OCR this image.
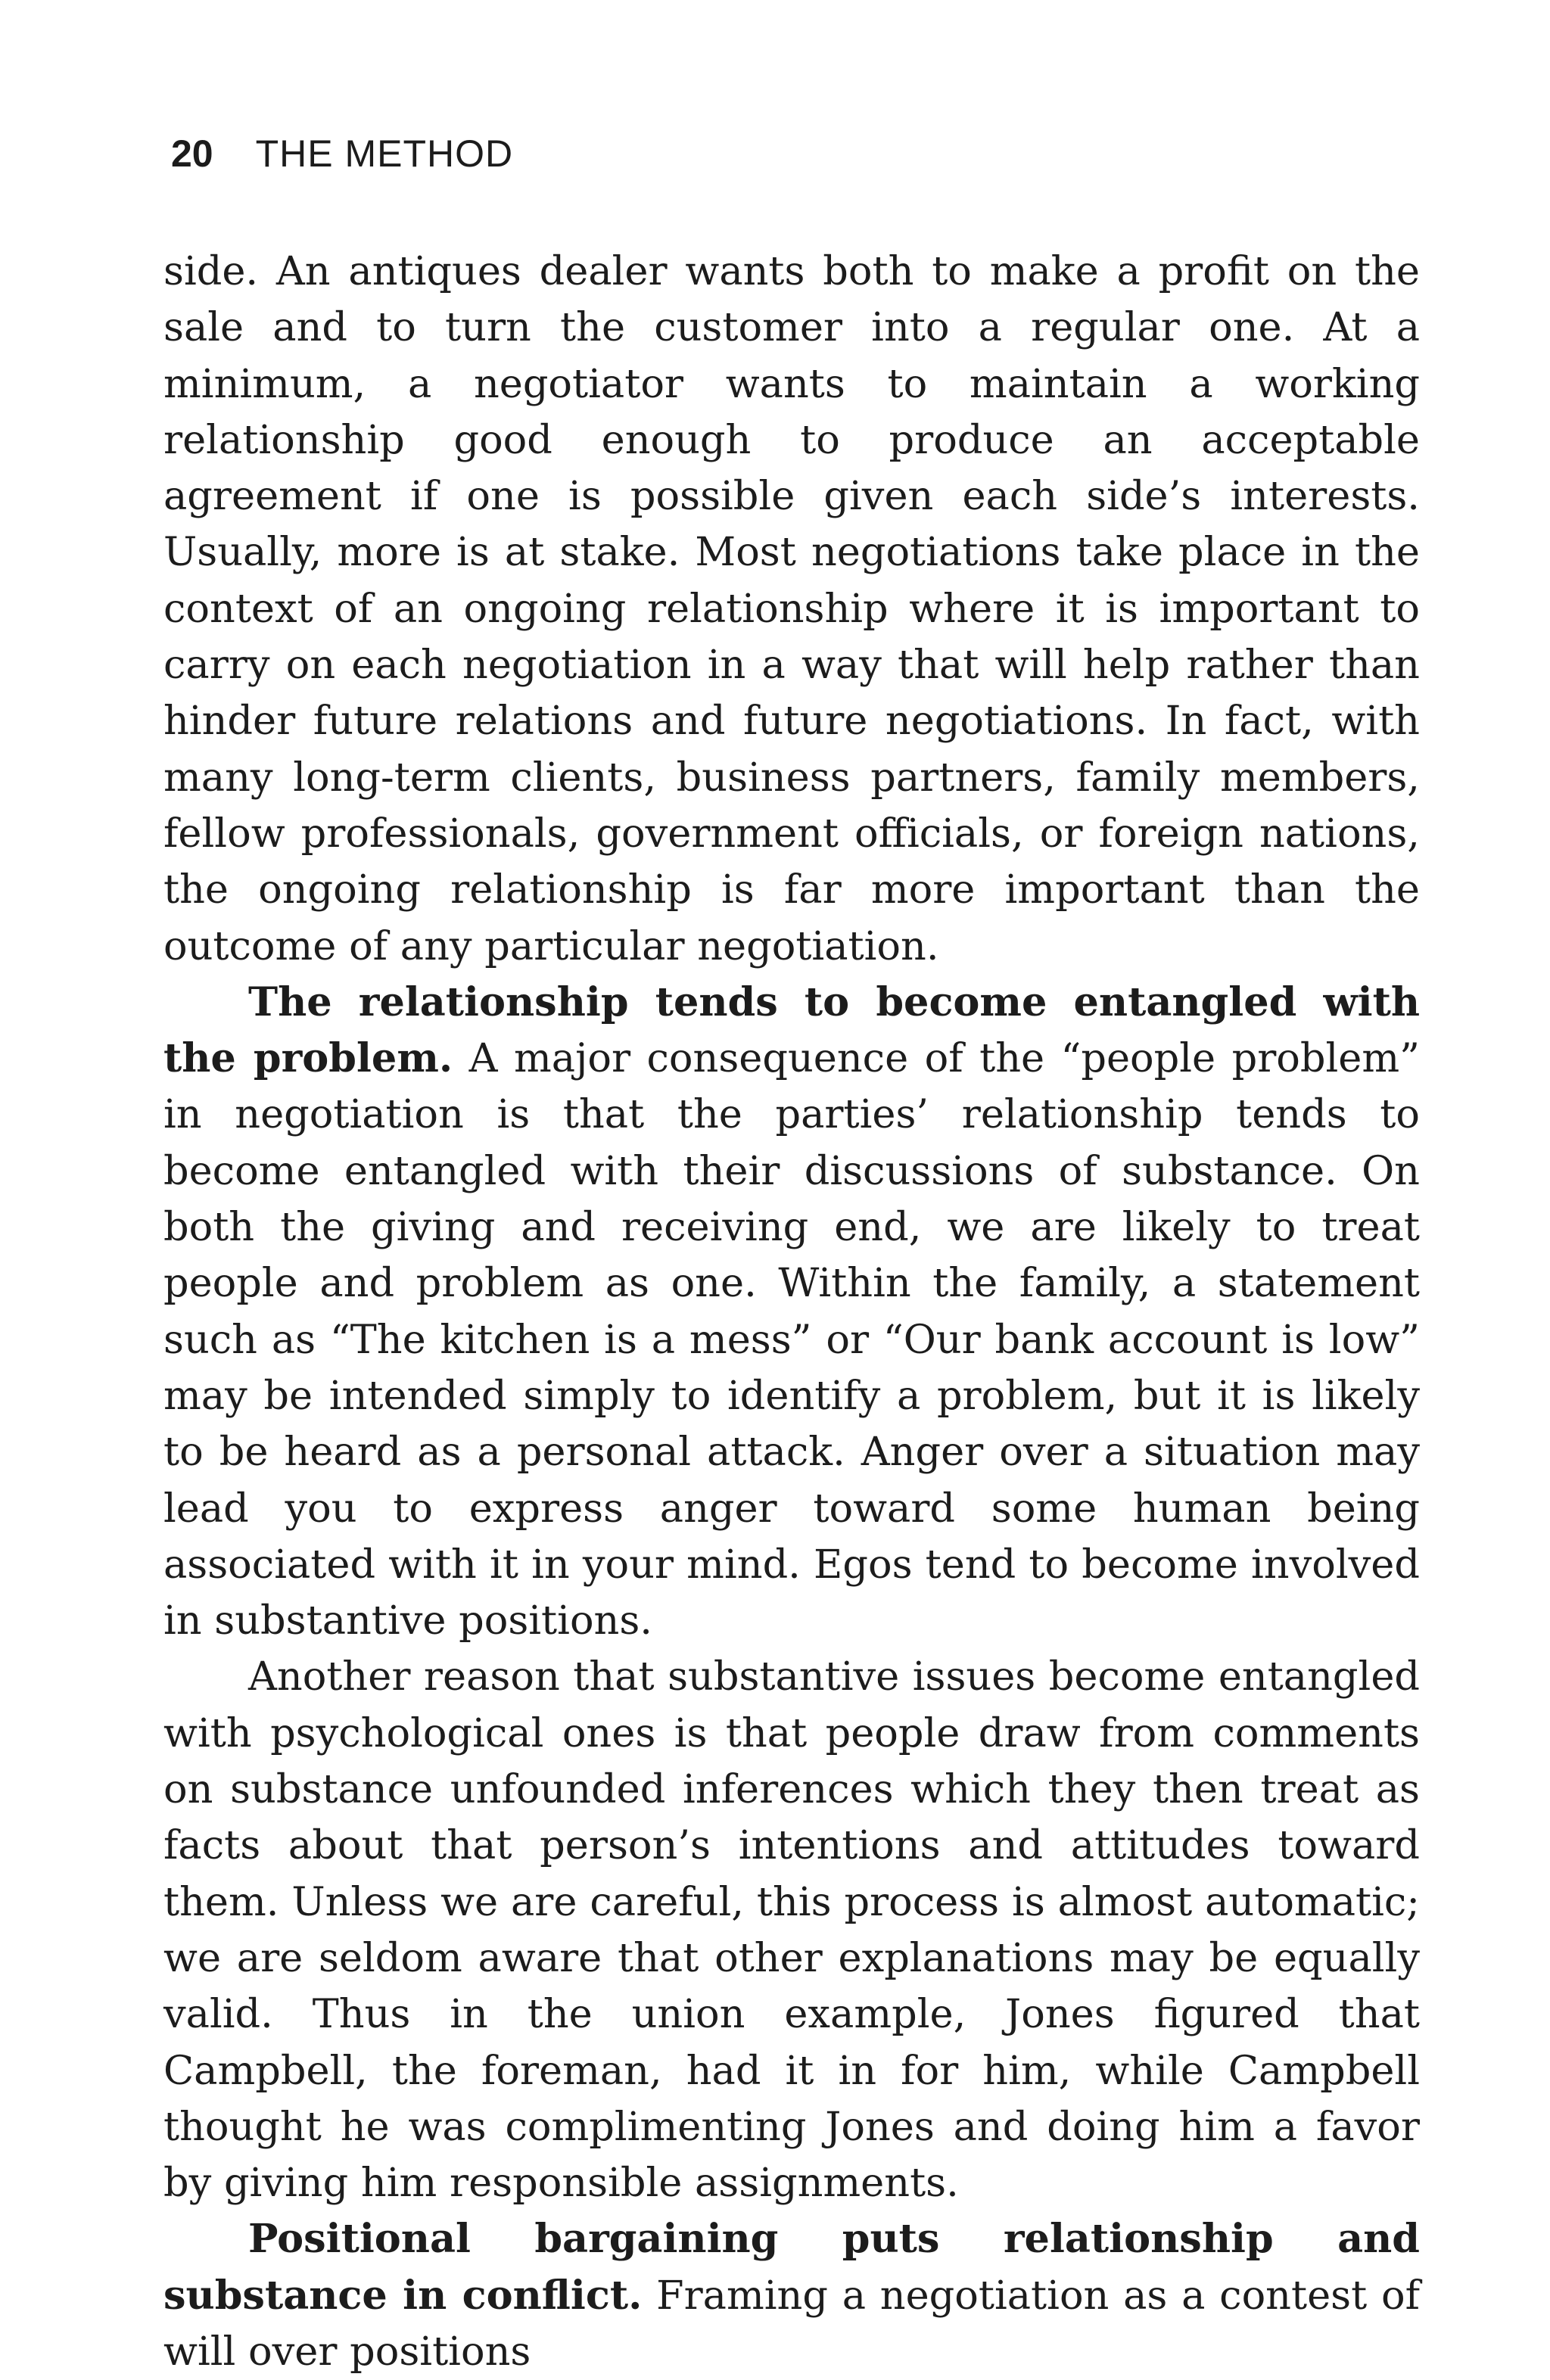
20 THE METHOD

side. An antiques dealer wants both to make a profit on the sale and to turn the customer into a regular one. At a minimum, a negotiator wants to maintain a working relationship good enough to produce an acceptable agreement if one is possible given each side’s interests. Usually, more is at stake. Most negotiations take place in the context of an ongoing relationship where it is important to carry on each negotiation in a way that will help rather than hinder future relations and future negotiations. In fact, with many long-term clients, business partners, family members, fellow professionals, government officials, or foreign nations, the ongoing relationship is far more important than the outcome of any particular negotiation.

The relationship tends to become entangled with the problem. A major consequence of the “people problem” in negotiation is that the parties’ relationship tends to become entangled with their discussions of substance. On both the giving and receiving end, we are likely to treat people and problem as one. Within the family, a statement such as “The kitchen is a mess” or “Our bank account is low” may be intended simply to identify a problem, but it is likely to be heard as a personal attack. Anger over a situation may lead you to express anger toward some human being associated with it in your mind. Egos tend to become involved in substantive positions.

Another reason that substantive issues become entangled with psychological ones is that people draw from comments on substance unfounded inferences which they then treat as facts about that person’s intentions and attitudes toward them. Unless we are careful, this process is almost automatic; we are seldom aware that other explanations may be equally valid. Thus in the union example, Jones figured that Campbell, the foreman, had it in for him, while Campbell thought he was complimenting Jones and doing him a favor by giving him responsible assignments.

Positional bargaining puts relationship and substance in conflict. Framing a negotiation as a contest of will over positions
